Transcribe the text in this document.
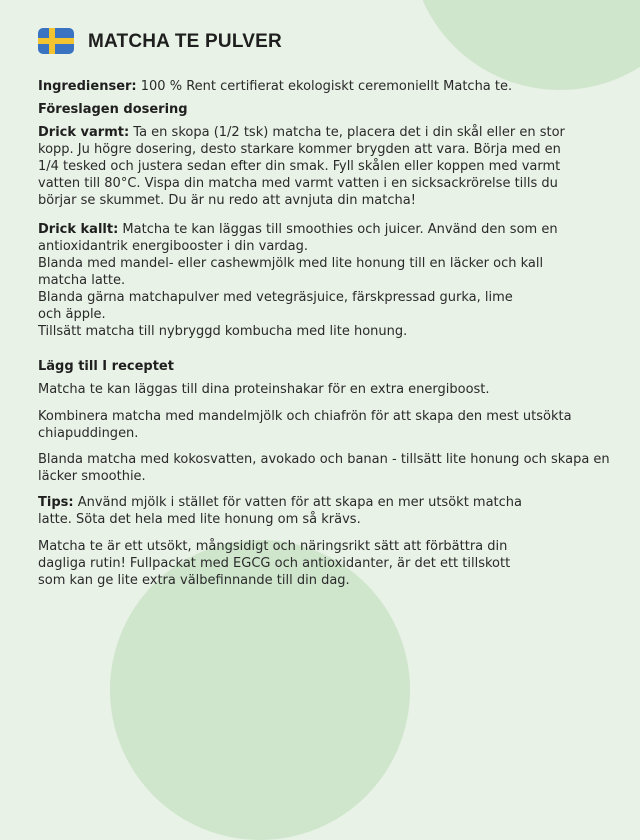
MATCHA TE PULVER

Ingredienser: 100 % Rent certifierat ekologiskt ceremoniellt Matcha te.

Föreslagen dosering

Drick varmt: Ta en skopa (1/2 tsk) matcha te, placera det i din skål eller en stor kopp. Ju högre dosering, desto starkare kommer brygden att vara. Börja med en 1/4 tesked och justera sedan efter din smak. Fyll skålen eller koppen med varmt vatten till 80°C. Vispa din matcha med varmt vatten i en sicksackrörelse tills du börjar se skummet. Du är nu redo att avnjuta din matcha!

Drick kallt: Matcha te kan läggas till smoothies och juicer. Använd den som en antioxidantrik energibooster i din vardag.

Blanda med mandel- eller cashewmjölk med lite honung till en läcker och kall matcha latte.

Blanda gärna matchapulver med vetegräsjuice, färskpressad gurka, lime och äpple.

Tillsätt matcha till nybryggd kombucha med lite honung.

Lägg till I receptet

Matcha te kan läggas till dina proteinshakar för en extra energiboost.

Kombinera matcha med mandelmjölk och chiafrön för att skapa den mest utsökta chiapuddingen.

Blanda matcha med kokosvatten, avokado och banan - tillsätt lite honung och skapa en läcker smoothie.

Tips: Använd mjölk i stället för vatten för att skapa en mer utsökt matcha latte. Söta det hela med lite honung om så krävs.

Matcha te är ett utsökt, mångsidigt och näringsrikt sätt att förbättra din dagliga rutin! Fullpackat med EGCG och antioxidanter, är det ett tillskott som kan ge lite extra välbefinnande till din dag.
